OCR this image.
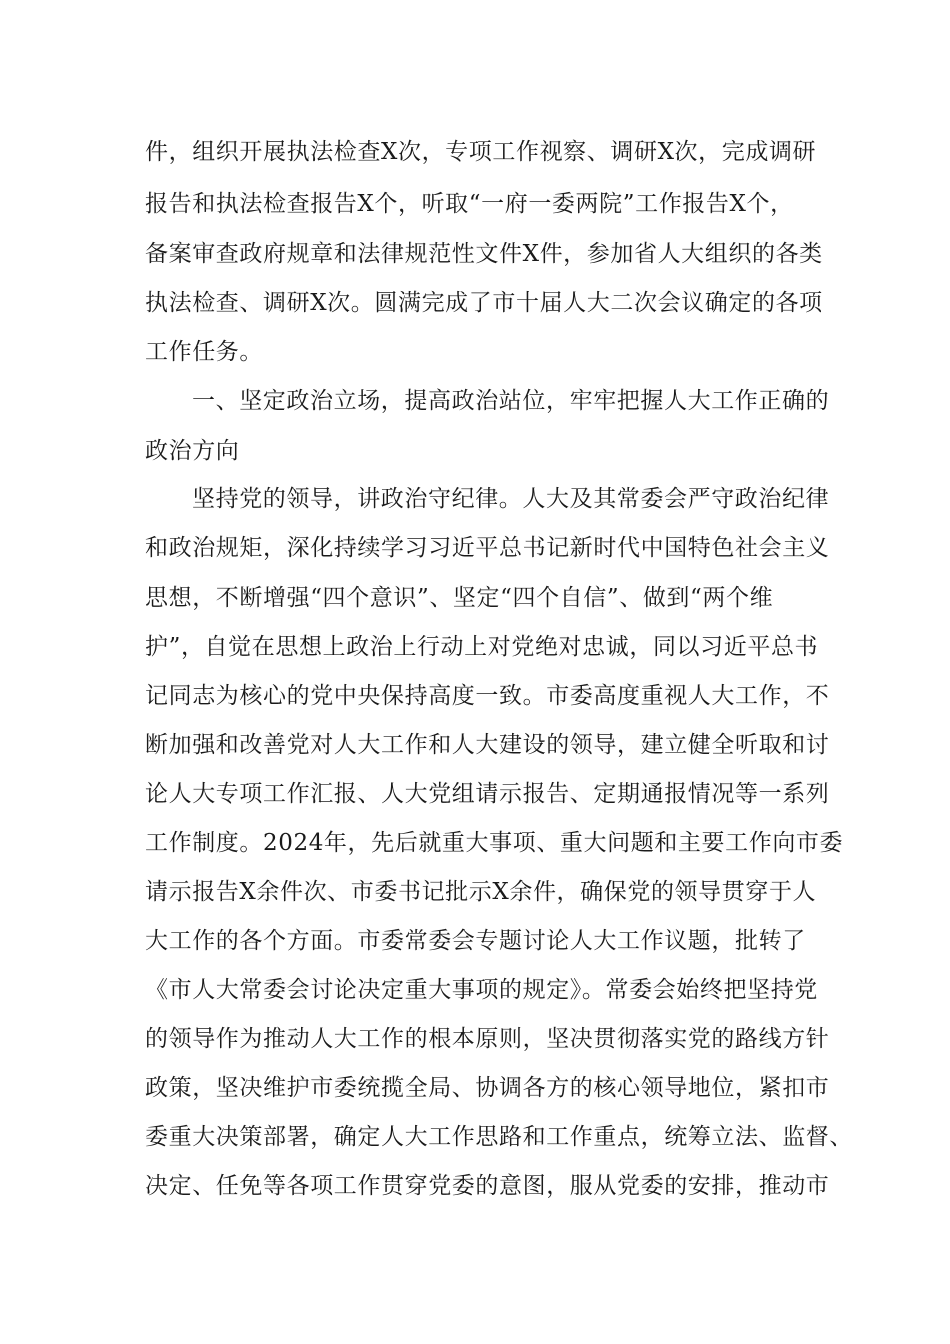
件，组织开展执法检查X次，专项工作视察、调研X次，完成调研
报告和执法检查报告X个，听取“一府一委两院”工作报告X个，
备案审查政府规章和法律规范性文件X件，参加省人大组织的各类
执法检查、调研X次。圆满完成了市十届人大二次会议确定的各项
工作任务。
一、坚定政治立场，提高政治站位，牢牢把握人大工作正确的
政治方向
坚持党的领导，讲政治守纪律。人大及其常委会严守政治纪律
和政治规矩，深化持续学习习近平总书记新时代中国特色社会主义
思想，不断增强“四个意识”、坚定“四个自信”、做到“两个维
护”，自觉在思想上政治上行动上对党绝对忠诚，同以习近平总书
记同志为核心的党中央保持高度一致。市委高度重视人大工作，不
断加强和改善党对人大工作和人大建设的领导，建立健全听取和讨
论人大专项工作汇报、人大党组请示报告、定期通报情况等一系列
工作制度。2024年，先后就重大事项、重大问题和主要工作向市委
请示报告X余件次、市委书记批示X余件，确保党的领导贯穿于人
大工作的各个方面。市委常委会专题讨论人大工作议题，批转了
《市人大常委会讨论决定重大事项的规定》。常委会始终把坚持党
的领导作为推动人大工作的根本原则，坚决贯彻落实党的路线方针
政策，坚决维护市委统揽全局、协调各方的核心领导地位，紧扣市
委重大决策部署，确定人大工作思路和工作重点，统筹立法、监督、
决定、任免等各项工作贯穿党委的意图，服从党委的安排，推动市
